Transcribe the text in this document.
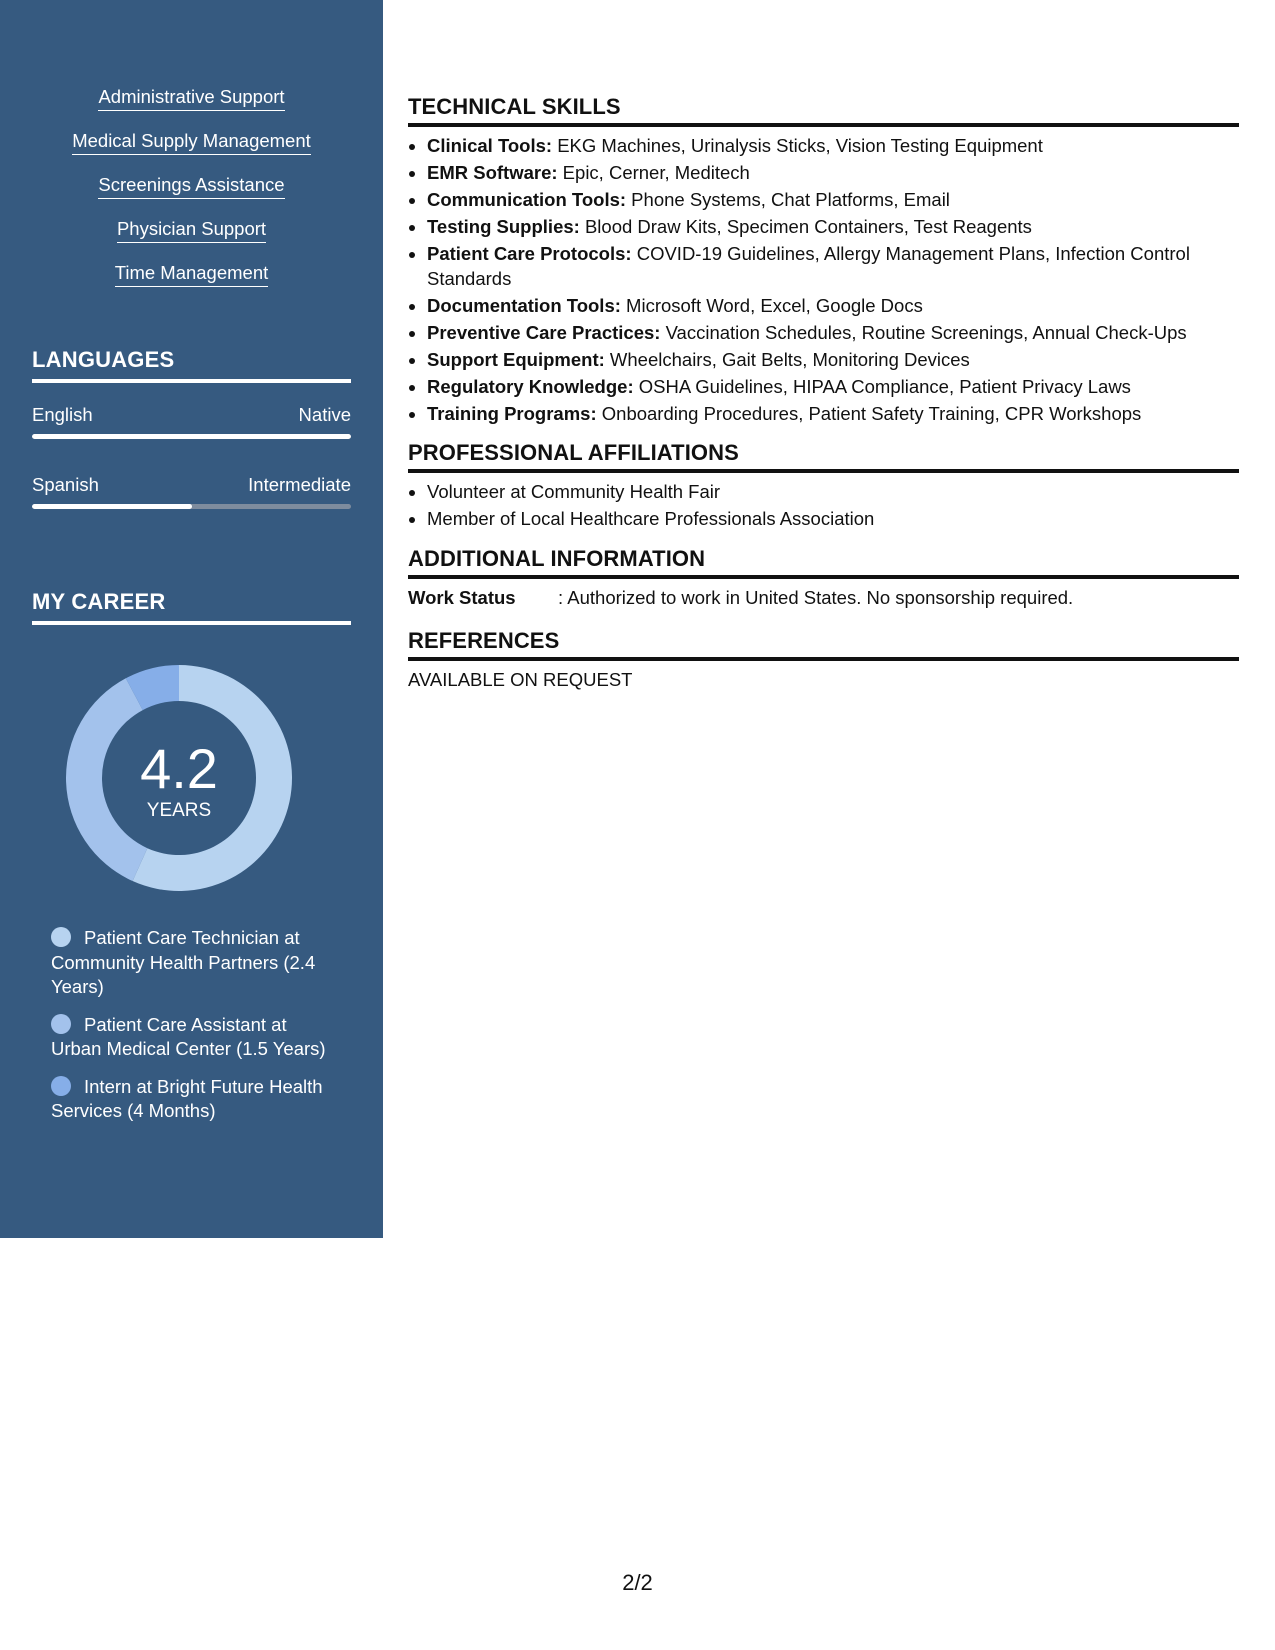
Administrative Support
Medical Supply Management
Screenings Assistance
Physician Support
Time Management
LANGUAGES
English	Native
Spanish	Intermediate
MY CAREER
4.2
YEARS
Patient Care Technician at Community Health Partners (2.4 Years)
Patient Care Assistant at Urban Medical Center (1.5 Years)
Intern at Bright Future Health Services (4 Months)
TECHNICAL SKILLS
• Clinical Tools: EKG Machines, Urinalysis Sticks, Vision Testing Equipment
• EMR Software: Epic, Cerner, Meditech
• Communication Tools: Phone Systems, Chat Platforms, Email
• Testing Supplies: Blood Draw Kits, Specimen Containers, Test Reagents
• Patient Care Protocols: COVID-19 Guidelines, Allergy Management Plans, Infection Control Standards
• Documentation Tools: Microsoft Word, Excel, Google Docs
• Preventive Care Practices: Vaccination Schedules, Routine Screenings, Annual Check-Ups
• Support Equipment: Wheelchairs, Gait Belts, Monitoring Devices
• Regulatory Knowledge: OSHA Guidelines, HIPAA Compliance, Patient Privacy Laws
• Training Programs: Onboarding Procedures, Patient Safety Training, CPR Workshops
PROFESSIONAL AFFILIATIONS
• Volunteer at Community Health Fair
• Member of Local Healthcare Professionals Association
ADDITIONAL INFORMATION
Work Status	: Authorized to work in United States. No sponsorship required.
REFERENCES
AVAILABLE ON REQUEST
2/2
